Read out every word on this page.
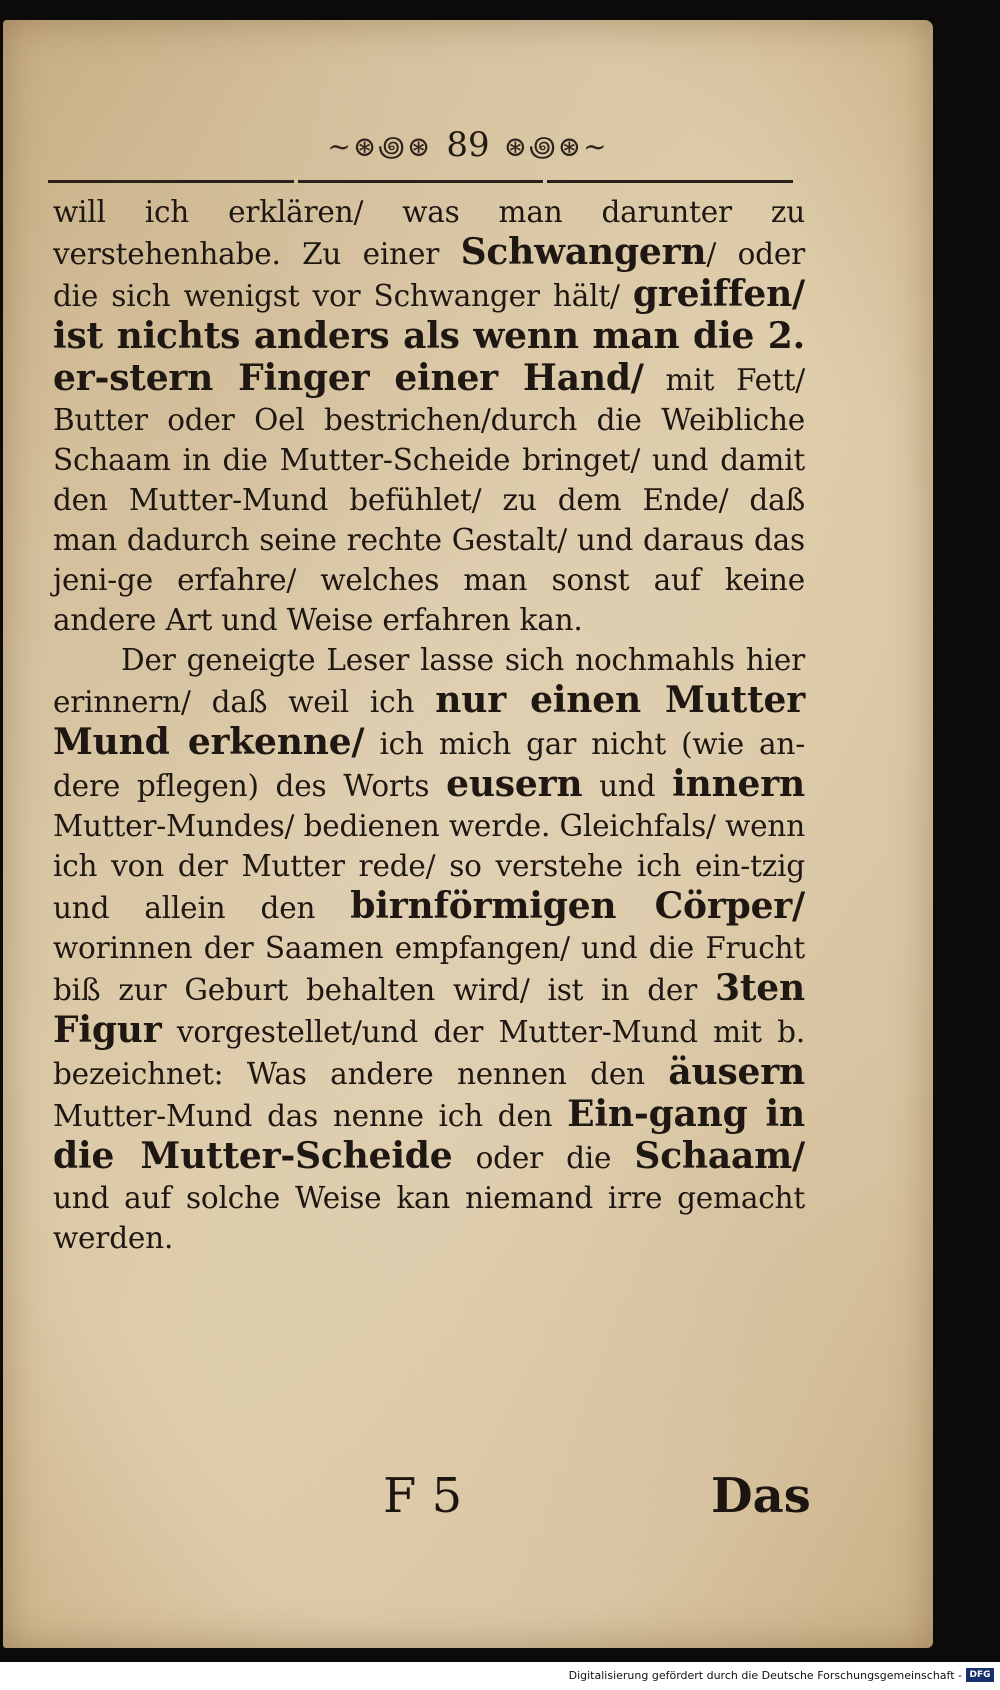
~⊛꩜⊛ 89 ⊛꩜⊛~

will ich erklären/ was man darunter zu verstehenhabe. Zu einer Schwangern/ oder die sich wenigst vor Schwanger hält/ greiffen/ ist nichts anders als wenn man die 2. er-stern Finger einer Hand/ mit Fett/ Butter oder Oel bestrichen/durch die Weibliche Schaam in die Mutter-Scheide bringet/ und damit den Mutter-Mund befühlet/ zu dem Ende/ daß man dadurch seine rechte Gestalt/ und daraus das jeni-ge erfahre/ welches man sonst auf keine andere Art und Weise erfahren kan.

Der geneigte Leser lasse sich nochmahls hier erinnern/ daß weil ich nur einen Mutter Mund erkenne/ ich mich gar nicht (wie an-dere pflegen) des Worts eusern und innern Mutter-Mundes/ bedienen werde. Gleichfals/ wenn ich von der Mutter rede/ so verstehe ich ein-tzig und allein den birnförmigen Cörper/ worinnen der Saamen empfangen/ und die Frucht biß zur Geburt behalten wird/ ist in der 3ten Figur vorgestellet/und der Mutter-Mund mit b. bezeichnet: Was andere nennen den äusern Mutter-Mund das nenne ich den Ein-gang in die Mutter-Scheide oder die Schaam/ und auf solche Weise kan niemand irre gemacht werden.

F 5	Das
Digitalisierung gefördert durch die Deutsche Forschungsgemeinschaft - DFG
